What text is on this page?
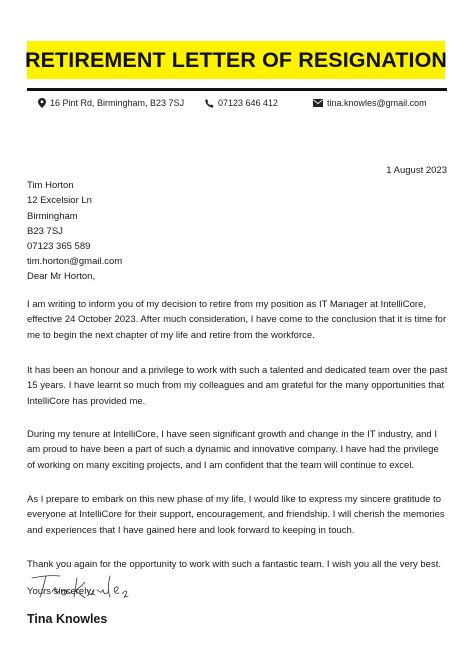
RETIREMENT LETTER OF RESIGNATION
16 Pint Rd, Birmingham, B23 7SJ	07123 646 412	tina.knowles@gmail.com
1 August 2023
Tim Horton
12 Excelsior Ln
Birmingham
B23 7SJ
07123 365 589
tim.horton@gmail.com
Dear Mr Horton,
I am writing to inform you of my decision to retire from my position as IT Manager at IntelliCore, effective 24 October 2023. After much consideration, I have come to the conclusion that it is time for me to begin the next chapter of my life and retire from the workforce.
It has been an honour and a privilege to work with such a talented and dedicated team over the past 15 years. I have learnt so much from my colleagues and am grateful for the many opportunities that IntelliCore has provided me.
During my tenure at IntelliCore, I have seen significant growth and change in the IT industry, and I am proud to have been a part of such a dynamic and innovative company. I have had the privilege of working on many exciting projects, and I am confident that the team will continue to excel.
As I prepare to embark on this new phase of my life, I would like to express my sincere gratitude to everyone at IntelliCore for their support, encouragement, and friendship. I will cherish the memories and experiences that I have gained here and look forward to keeping in touch.
Thank you again for the opportunity to work with such a fantastic team. I wish you all the very best.
Yours sincerely,
Tina Knowles
